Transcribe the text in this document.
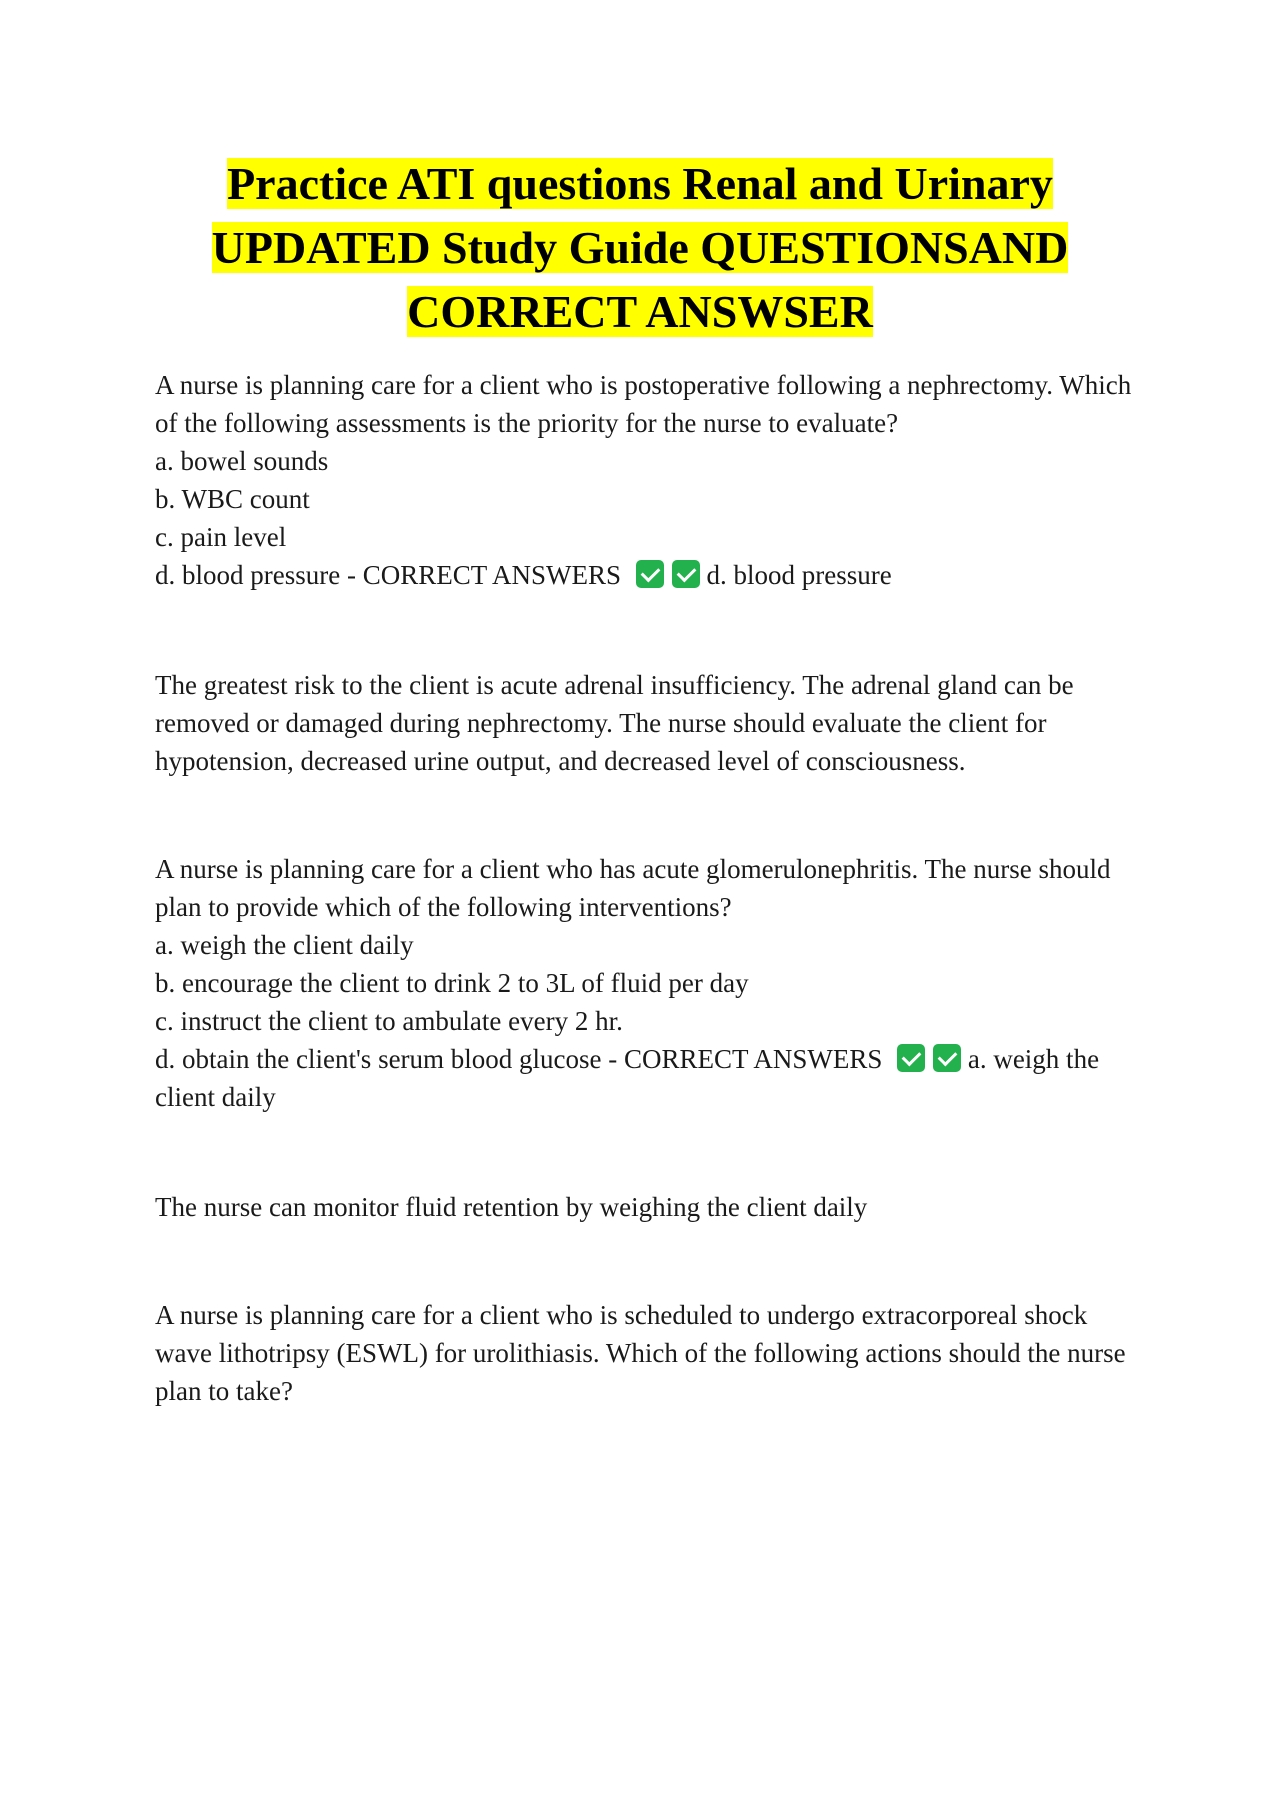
Practice ATI questions Renal and Urinary
UPDATED Study Guide QUESTIONSAND
CORRECT ANSWSER

A nurse is planning care for a client who is postoperative following a nephrectomy. Which of the following assessments is the priority for the nurse to evaluate?

a. bowel sounds

b. WBC count

c. pain level

d. blood pressure - CORRECT ANSWERS	d. blood pressure

The greatest risk to the client is acute adrenal insufficiency. The adrenal gland can be removed or damaged during nephrectomy. The nurse should evaluate the client for hypotension, decreased urine output, and decreased level of consciousness.

A nurse is planning care for a client who has acute glomerulonephritis. The nurse should plan to provide which of the following interventions?

a. weigh the client daily

b. encourage the client to drink 2 to 3L of fluid per day

c. instruct the client to ambulate every 2 hr.

d. obtain the client's serum blood glucose - CORRECT ANSWERS	a. weigh the client daily

The nurse can monitor fluid retention by weighing the client daily

A nurse is planning care for a client who is scheduled to undergo extracorporeal shock wave lithotripsy (ESWL) for urolithiasis. Which of the following actions should the nurse plan to take?
